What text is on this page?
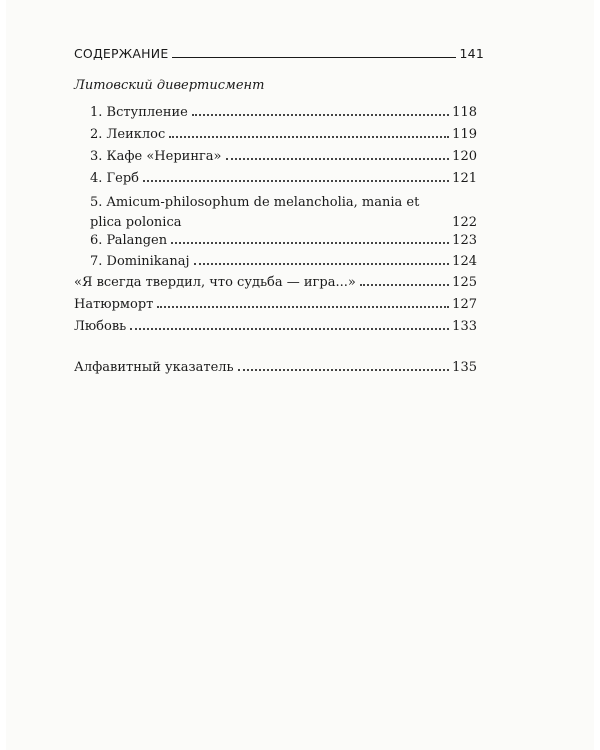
СОДЕРЖАНИЕ	141
Литовский дивертисмент
1. Вступление	118
2. Леиклос	119
3. Кафе «Неринга»	120
4. Герб	121
5. Amicum-philosophum de melancholia, mania et plica polonica	122
6. Palangen	123
7. Dominikanaj	124
«Я всегда твердил, что судьба — игра...»	125
Натюрморт	127
Любовь	133
Алфавитный указатель	135
